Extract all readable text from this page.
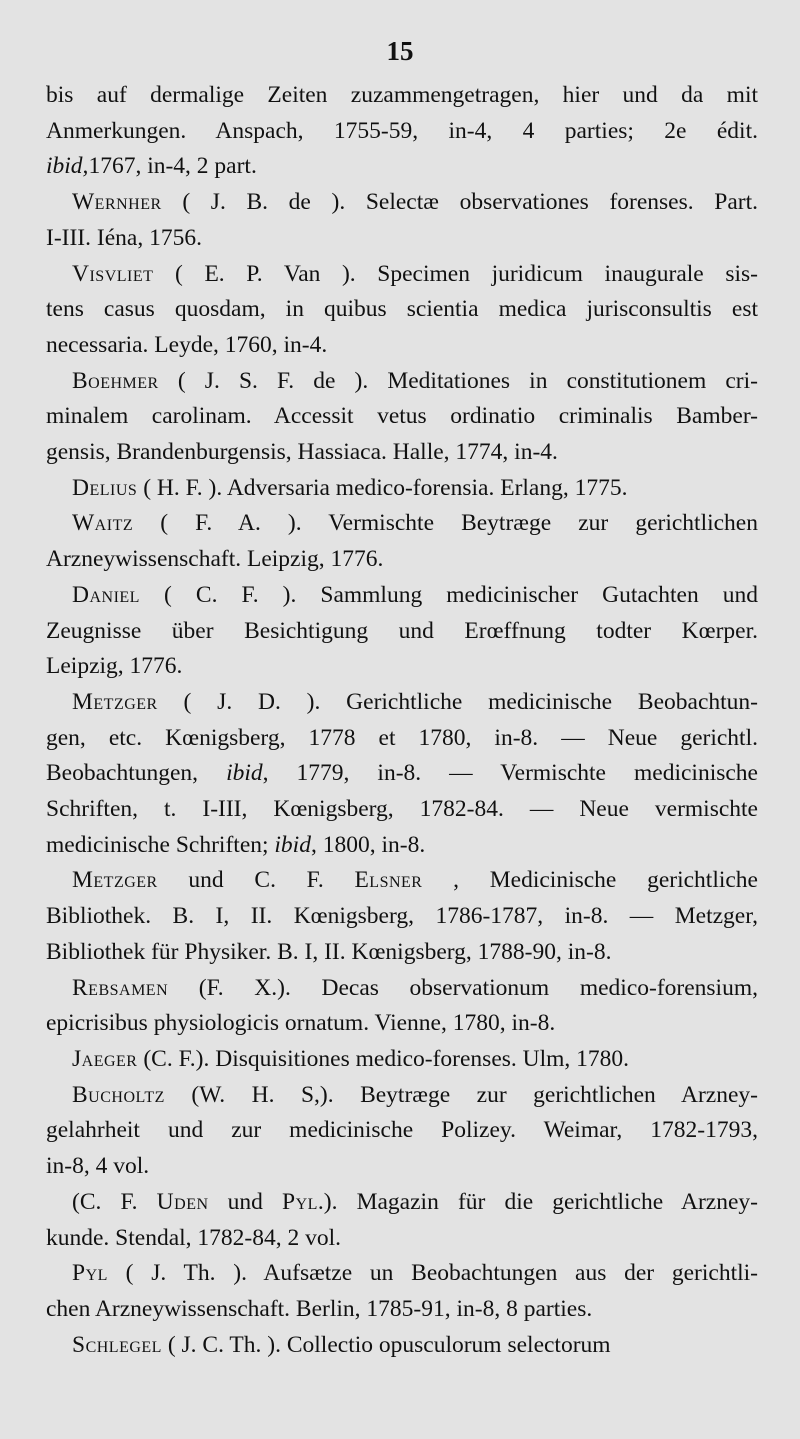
15
bis auf dermalige Zeiten zuzammengetragen, hier und da mit
Anmerkungen. Anspach, 1755-59, in-4, 4 parties; 2e édit.
ibid,1767, in-4, 2 part.
Wernher ( J. B. de ). Selectæ observationes forenses. Part.
I-III. Iéna, 1756.
Visvliet ( E. P. Van ). Specimen juridicum inaugurale sis-
tens casus quosdam, in quibus scientia medica jurisconsultis est
necessaria. Leyde, 1760, in-4.
Boehmer ( J. S. F. de ). Meditationes in constitutionem cri-
minalem carolinam. Accessit vetus ordinatio criminalis Bamber-
gensis, Brandenburgensis, Hassiaca. Halle, 1774, in-4.
Delius ( H. F. ). Adversaria medico-forensia. Erlang, 1775.
Waitz ( F. A. ). Vermischte Beytræge zur gerichtlichen
Arzneywissenschaft. Leipzig, 1776.
Daniel ( C. F. ). Sammlung medicinischer Gutachten und
Zeugnisse über Besichtigung und Erœffnung todter Kœrper.
Leipzig, 1776.
Metzger ( J. D. ). Gerichtliche medicinische Beobachtun-
gen, etc. Kœnigsberg, 1778 et 1780, in-8. — Neue gerichtl.
Beobachtungen, ibid, 1779, in-8. — Vermischte medicinische
Schriften, t. I-III, Kœnigsberg, 1782-84. — Neue vermischte
medicinische Schriften; ibid, 1800, in-8.
Metzger und C. F. Elsner , Medicinische gerichtliche
Bibliothek. B. I, II. Kœnigsberg, 1786-1787, in-8. — Metzger,
Bibliothek für Physiker. B. I, II. Kœnigsberg, 1788-90, in-8.
Rebsamen (F. X.). Decas observationum medico-forensium,
epicrisibus physiologicis ornatum. Vienne, 1780, in-8.
Jaeger (C. F.). Disquisitiones medico-forenses. Ulm, 1780.
Bucholtz (W. H. S,). Beytræge zur gerichtlichen Arzney-
gelahrheit und zur medicinische Polizey. Weimar, 1782-1793,
in-8, 4 vol.
(C. F. Uden und Pyl.). Magazin für die gerichtliche Arzney-
kunde. Stendal, 1782-84, 2 vol.
Pyl ( J. Th. ). Aufsætze un Beobachtungen aus der gerichtli-
chen Arzneywissenschaft. Berlin, 1785-91, in-8, 8 parties.
Schlegel ( J. C. Th. ). Collectio opusculorum selectorum
